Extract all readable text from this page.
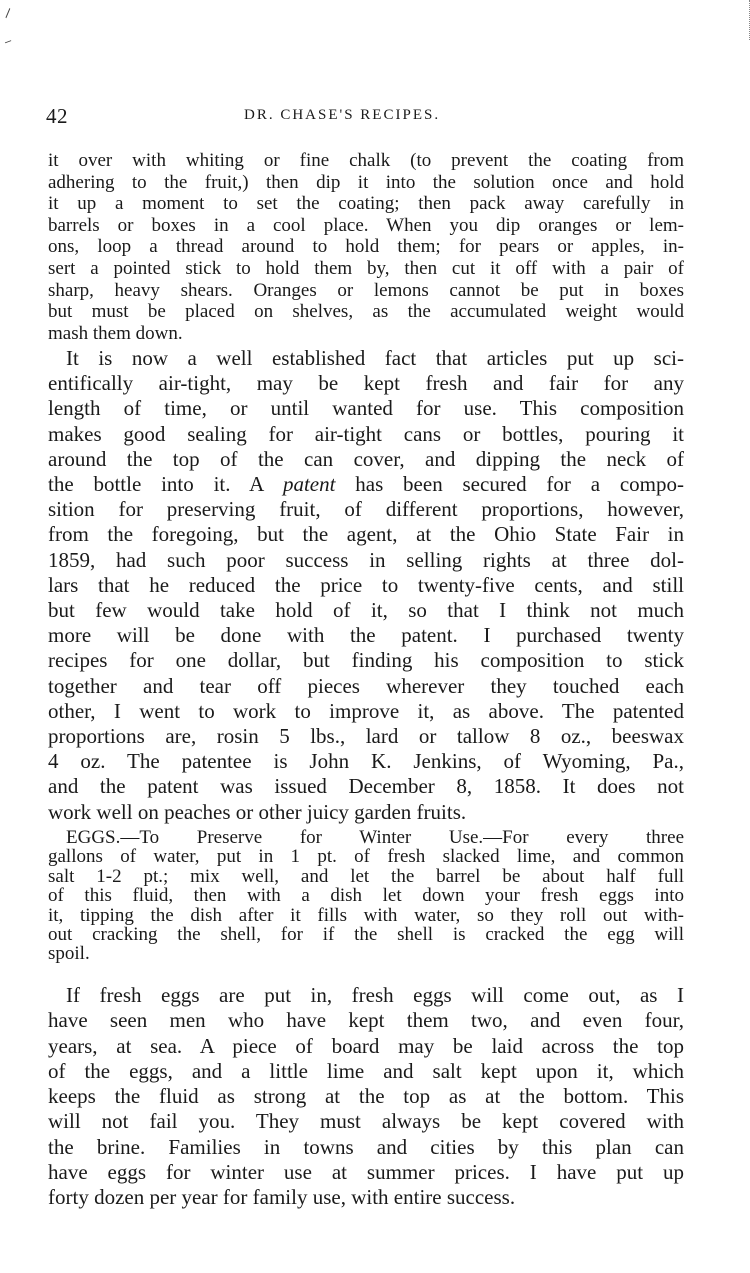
\
‒
42	DR. CHASE'S RECIPES.
it over with whiting or fine chalk (to prevent the coating from
adhering to the fruit,) then dip it into the solution once and hold
it up a moment to set the coating; then pack away carefully in
barrels or boxes in a cool place. When you dip oranges or lem-
ons, loop a thread around to hold them; for pears or apples, in-
sert a pointed stick to hold them by, then cut it off with a pair of
sharp, heavy shears. Oranges or lemons cannot be put in boxes
but must be placed on shelves, as the accumulated weight would
mash them down.
It is now a well established fact that articles put up sci-
entifically air-tight, may be kept fresh and fair for any
length of time, or until wanted for use. This composition
makes good sealing for air-tight cans or bottles, pouring it
around the top of the can cover, and dipping the neck of
the bottle into it. A patent has been secured for a compo-
sition for preserving fruit, of different proportions, however,
from the foregoing, but the agent, at the Ohio State Fair in
1859, had such poor success in selling rights at three dol-
lars that he reduced the price to twenty-five cents, and still
but few would take hold of it, so that I think not much
more will be done with the patent. I purchased twenty
recipes for one dollar, but finding his composition to stick
together and tear off pieces wherever they touched each
other, I went to work to improve it, as above. The patented
proportions are, rosin 5 lbs., lard or tallow 8 oz., beeswax
4 oz. The patentee is John K. Jenkins, of Wyoming, Pa.,
and the patent was issued December 8, 1858. It does not
work well on peaches or other juicy garden fruits.
EGGS.—To Preserve for Winter Use.—For every three
gallons of water, put in 1 pt. of fresh slacked lime, and common
salt 1-2 pt.; mix well, and let the barrel be about half full
of this fluid, then with a dish let down your fresh eggs into
it, tipping the dish after it fills with water, so they roll out with-
out cracking the shell, for if the shell is cracked the egg will
spoil.
If fresh eggs are put in, fresh eggs will come out, as I
have seen men who have kept them two, and even four,
years, at sea. A piece of board may be laid across the top
of the eggs, and a little lime and salt kept upon it, which
keeps the fluid as strong at the top as at the bottom. This
will not fail you. They must always be kept covered with
the brine. Families in towns and cities by this plan can
have eggs for winter use at summer prices. I have put up
forty dozen per year for family use, with entire success.
